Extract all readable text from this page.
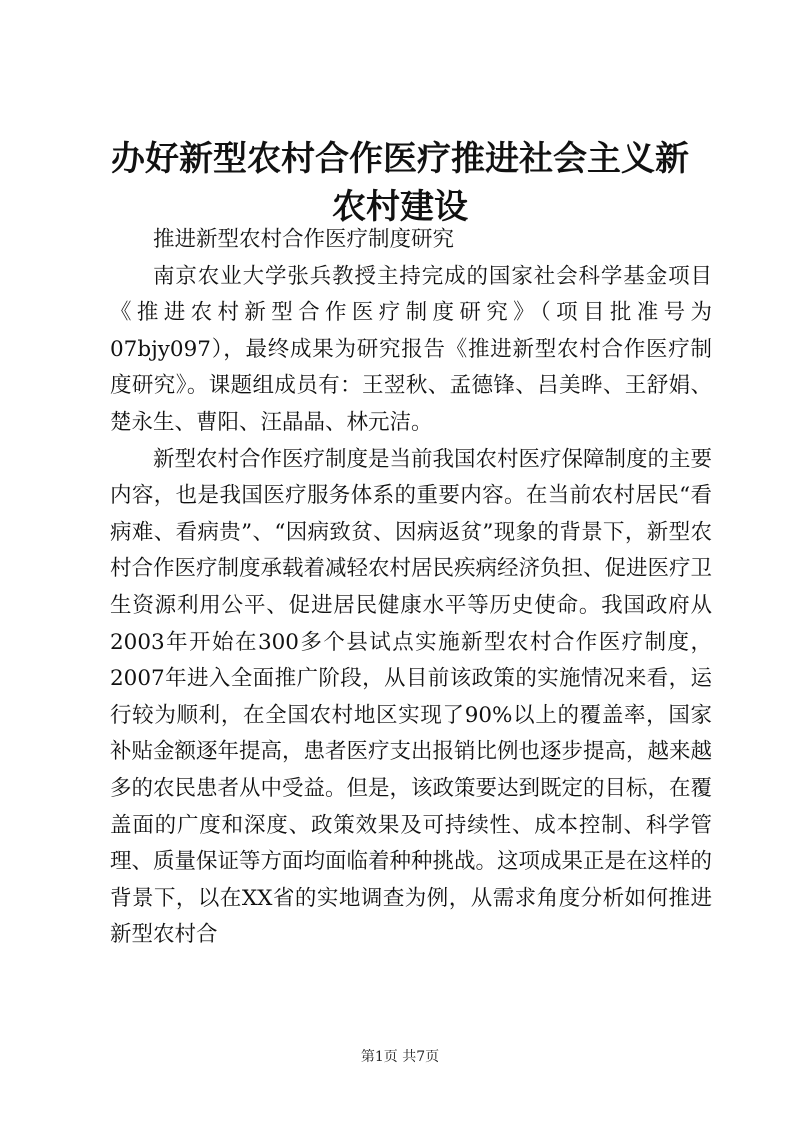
办好新型农村合作医疗推进社会主义新农村建设

推进新型农村合作医疗制度研究

南京农业大学张兵教授主持完成的国家社会科学基金项目《推进农村新型合作医疗制度研究》（项目批准号为07bjy097），最终成果为研究报告《推进新型农村合作医疗制度研究》。课题组成员有：王翌秋、孟德锋、吕美晔、王舒娟、楚永生、曹阳、汪晶晶、林元洁。

新型农村合作医疗制度是当前我国农村医疗保障制度的主要内容，也是我国医疗服务体系的重要内容。在当前农村居民“看病难、看病贵”、“因病致贫、因病返贫”现象的背景下，新型农村合作医疗制度承载着减轻农村居民疾病经济负担、促进医疗卫生资源利用公平、促进居民健康水平等历史使命。我国政府从2003年开始在300多个县试点实施新型农村合作医疗制度，2007年进入全面推广阶段，从目前该政策的实施情况来看，运行较为顺利，在全国农村地区实现了90%以上的覆盖率，国家补贴金额逐年提高，患者医疗支出报销比例也逐步提高，越来越多的农民患者从中受益。但是，该政策要达到既定的目标，在覆盖面的广度和深度、政策效果及可持续性、成本控制、科学管理、质量保证等方面均面临着种种挑战。这项成果正是在这样的背景下，以在XX省的实地调查为例，从需求角度分析如何推进新型农村合

第1页 共7页
